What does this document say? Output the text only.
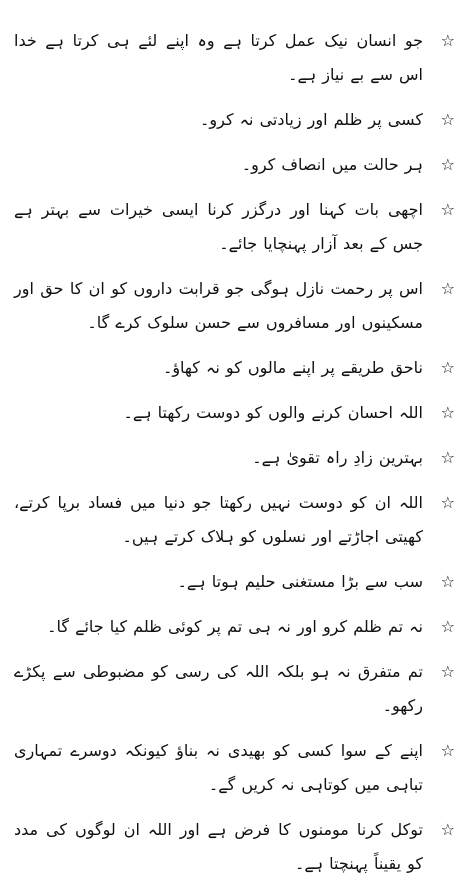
☆
جو انسان نیک عمل کرتا ہے وہ اپنے لئے ہی کرتا ہے خدا اس سے بے نیاز ہے۔
☆
کسی پر ظلم اور زیادتی نہ کرو۔
☆
ہر حالت میں انصاف کرو۔
☆
اچھی بات کہنا اور درگزر کرنا ایسی خیرات سے بہتر ہے جس کے بعد آزار پہنچایا جائے۔
☆
اس پر رحمت نازل ہوگی جو قرابت داروں کو ان کا حق اور مسکینوں اور مسافروں سے حسن سلوک کرے گا۔
☆
ناحق طریقے پر اپنے مالوں کو نہ کھاؤ۔
☆
اللہ احسان کرنے والوں کو دوست رکھتا ہے۔
☆
بہترین زادِ راہ تقویٰ ہے۔
☆
اللہ ان کو دوست نہیں رکھتا جو دنیا میں فساد برپا کرتے، کھیتی اجاڑتے اور نسلوں کو ہلاک کرتے ہیں۔
☆
سب سے بڑا مستغنی حلیم ہوتا ہے۔
☆
نہ تم ظلم کرو اور نہ ہی تم پر کوئی ظلم کیا جائے گا۔
☆
تم متفرق نہ ہو بلکہ اللہ کی رسی کو مضبوطی سے پکڑے رکھو۔
☆
اپنے کے سوا کسی کو بھیدی نہ بناؤ کیونکہ دوسرے تمہاری تباہی میں کوتاہی نہ کریں گے۔
☆
توکل کرنا مومنوں کا فرض ہے اور اللہ ان لوگوں کی مدد کو یقیناً پہنچتا ہے۔
